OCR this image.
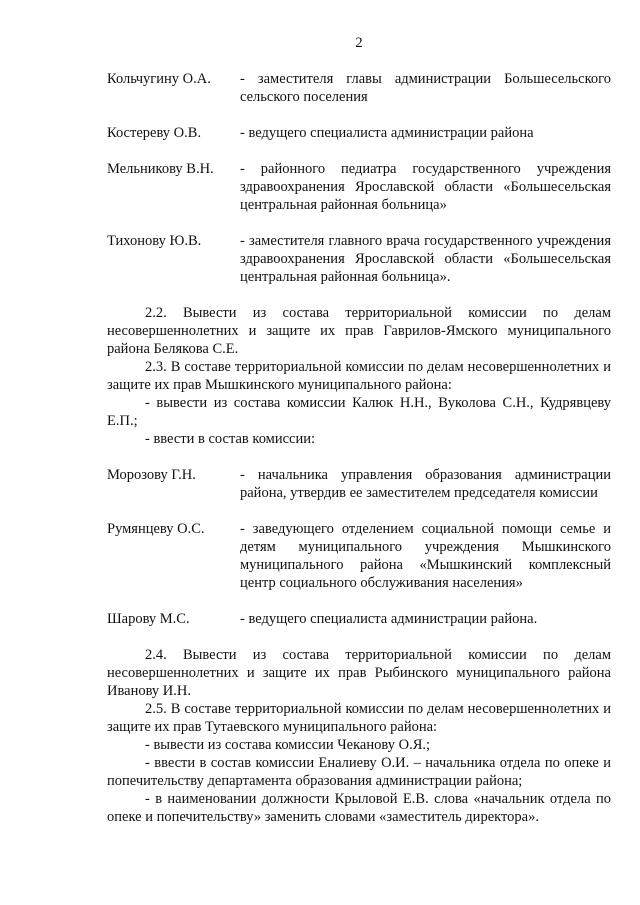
2
Кольчугину О.А.	- заместителя главы администрации Большесельского сельского поселения
Костереву О.В.	- ведущего специалиста администрации района
Мельникову В.Н.	- районного педиатра государственного учреждения здравоохранения Ярославской области «Большесельская центральная районная больница»
Тихонову Ю.В.	- заместителя главного врача государственного учреждения здравоохранения Ярославской области «Большесельская центральная районная больница».

2.2. Вывести из состава территориальной комиссии по делам несовершеннолетних и защите их прав Гаврилов-Ямского муниципального района Белякова С.Е.

2.3. В составе территориальной комиссии по делам несовершеннолетних и защите их прав Мышкинского муниципального района:

- вывести из состава комиссии Калюк Н.Н., Вуколова С.Н., Кудрявцеву Е.П.;

- ввести в состав комиссии:

Морозову Г.Н.	- начальника управления образования администрации района, утвердив ее заместителем председателя комиссии
Румянцеву О.С.	- заведующего отделением социальной помощи семье и детям муниципального учреждения Мышкинского муниципального района «Мышкинский комплексный центр социального обслуживания населения»
Шарову М.С.	- ведущего специалиста администрации района.

2.4. Вывести из состава территориальной комиссии по делам несовершеннолетних и защите их прав Рыбинского муниципального района Иванову И.Н.

2.5. В составе территориальной комиссии по делам несовершеннолетних и защите их прав Тутаевского муниципального района:

- вывести из состава комиссии Чеканову О.Я.;

- ввести в состав комиссии Еналиеву О.И. – начальника отдела по опеке и попечительству департамента образования администрации района;

- в наименовании должности Крыловой Е.В. слова «начальник отдела по опеке и попечительству» заменить словами «заместитель директора».
